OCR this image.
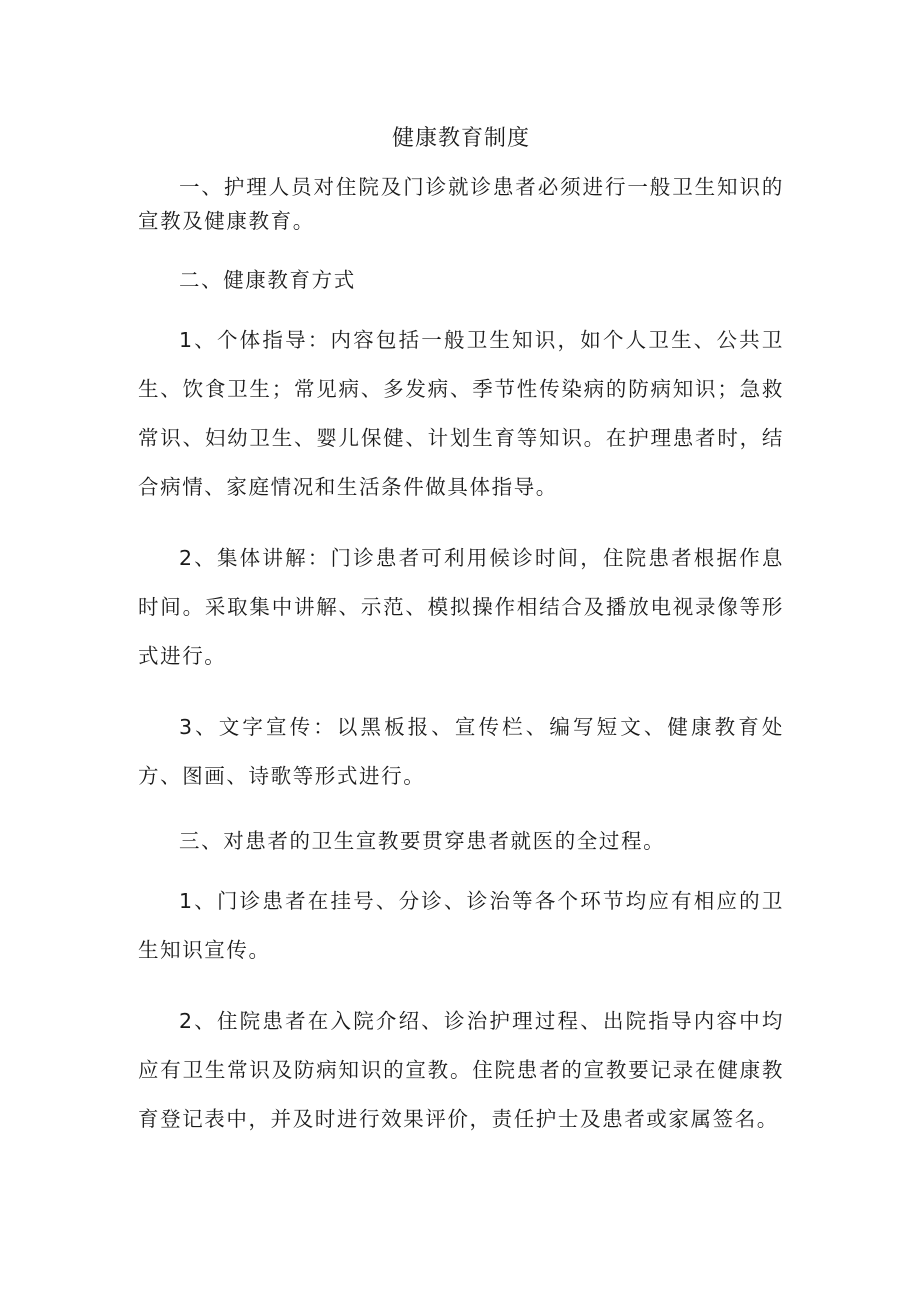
健康教育制度

一、护理人员对住院及门诊就诊患者必须进行一般卫生知识的宣教及健康教育。

二、健康教育方式

1、个体指导：内容包括一般卫生知识，如个人卫生、公共卫生、饮食卫生；常见病、多发病、季节性传染病的防病知识；急救常识、妇幼卫生、婴儿保健、计划生育等知识。在护理患者时，结合病情、家庭情况和生活条件做具体指导。

2、集体讲解：门诊患者可利用候诊时间，住院患者根据作息时间。采取集中讲解、示范、模拟操作相结合及播放电视录像等形式进行。

3、文字宣传：以黑板报、宣传栏、编写短文、健康教育处方、图画、诗歌等形式进行。

三、对患者的卫生宣教要贯穿患者就医的全过程。

1、门诊患者在挂号、分诊、诊治等各个环节均应有相应的卫生知识宣传。

2、住院患者在入院介绍、诊治护理过程、出院指导内容中均应有卫生常识及防病知识的宣教。住院患者的宣教要记录在健康教育登记表中，并及时进行效果评价，责任护士及患者或家属签名。
